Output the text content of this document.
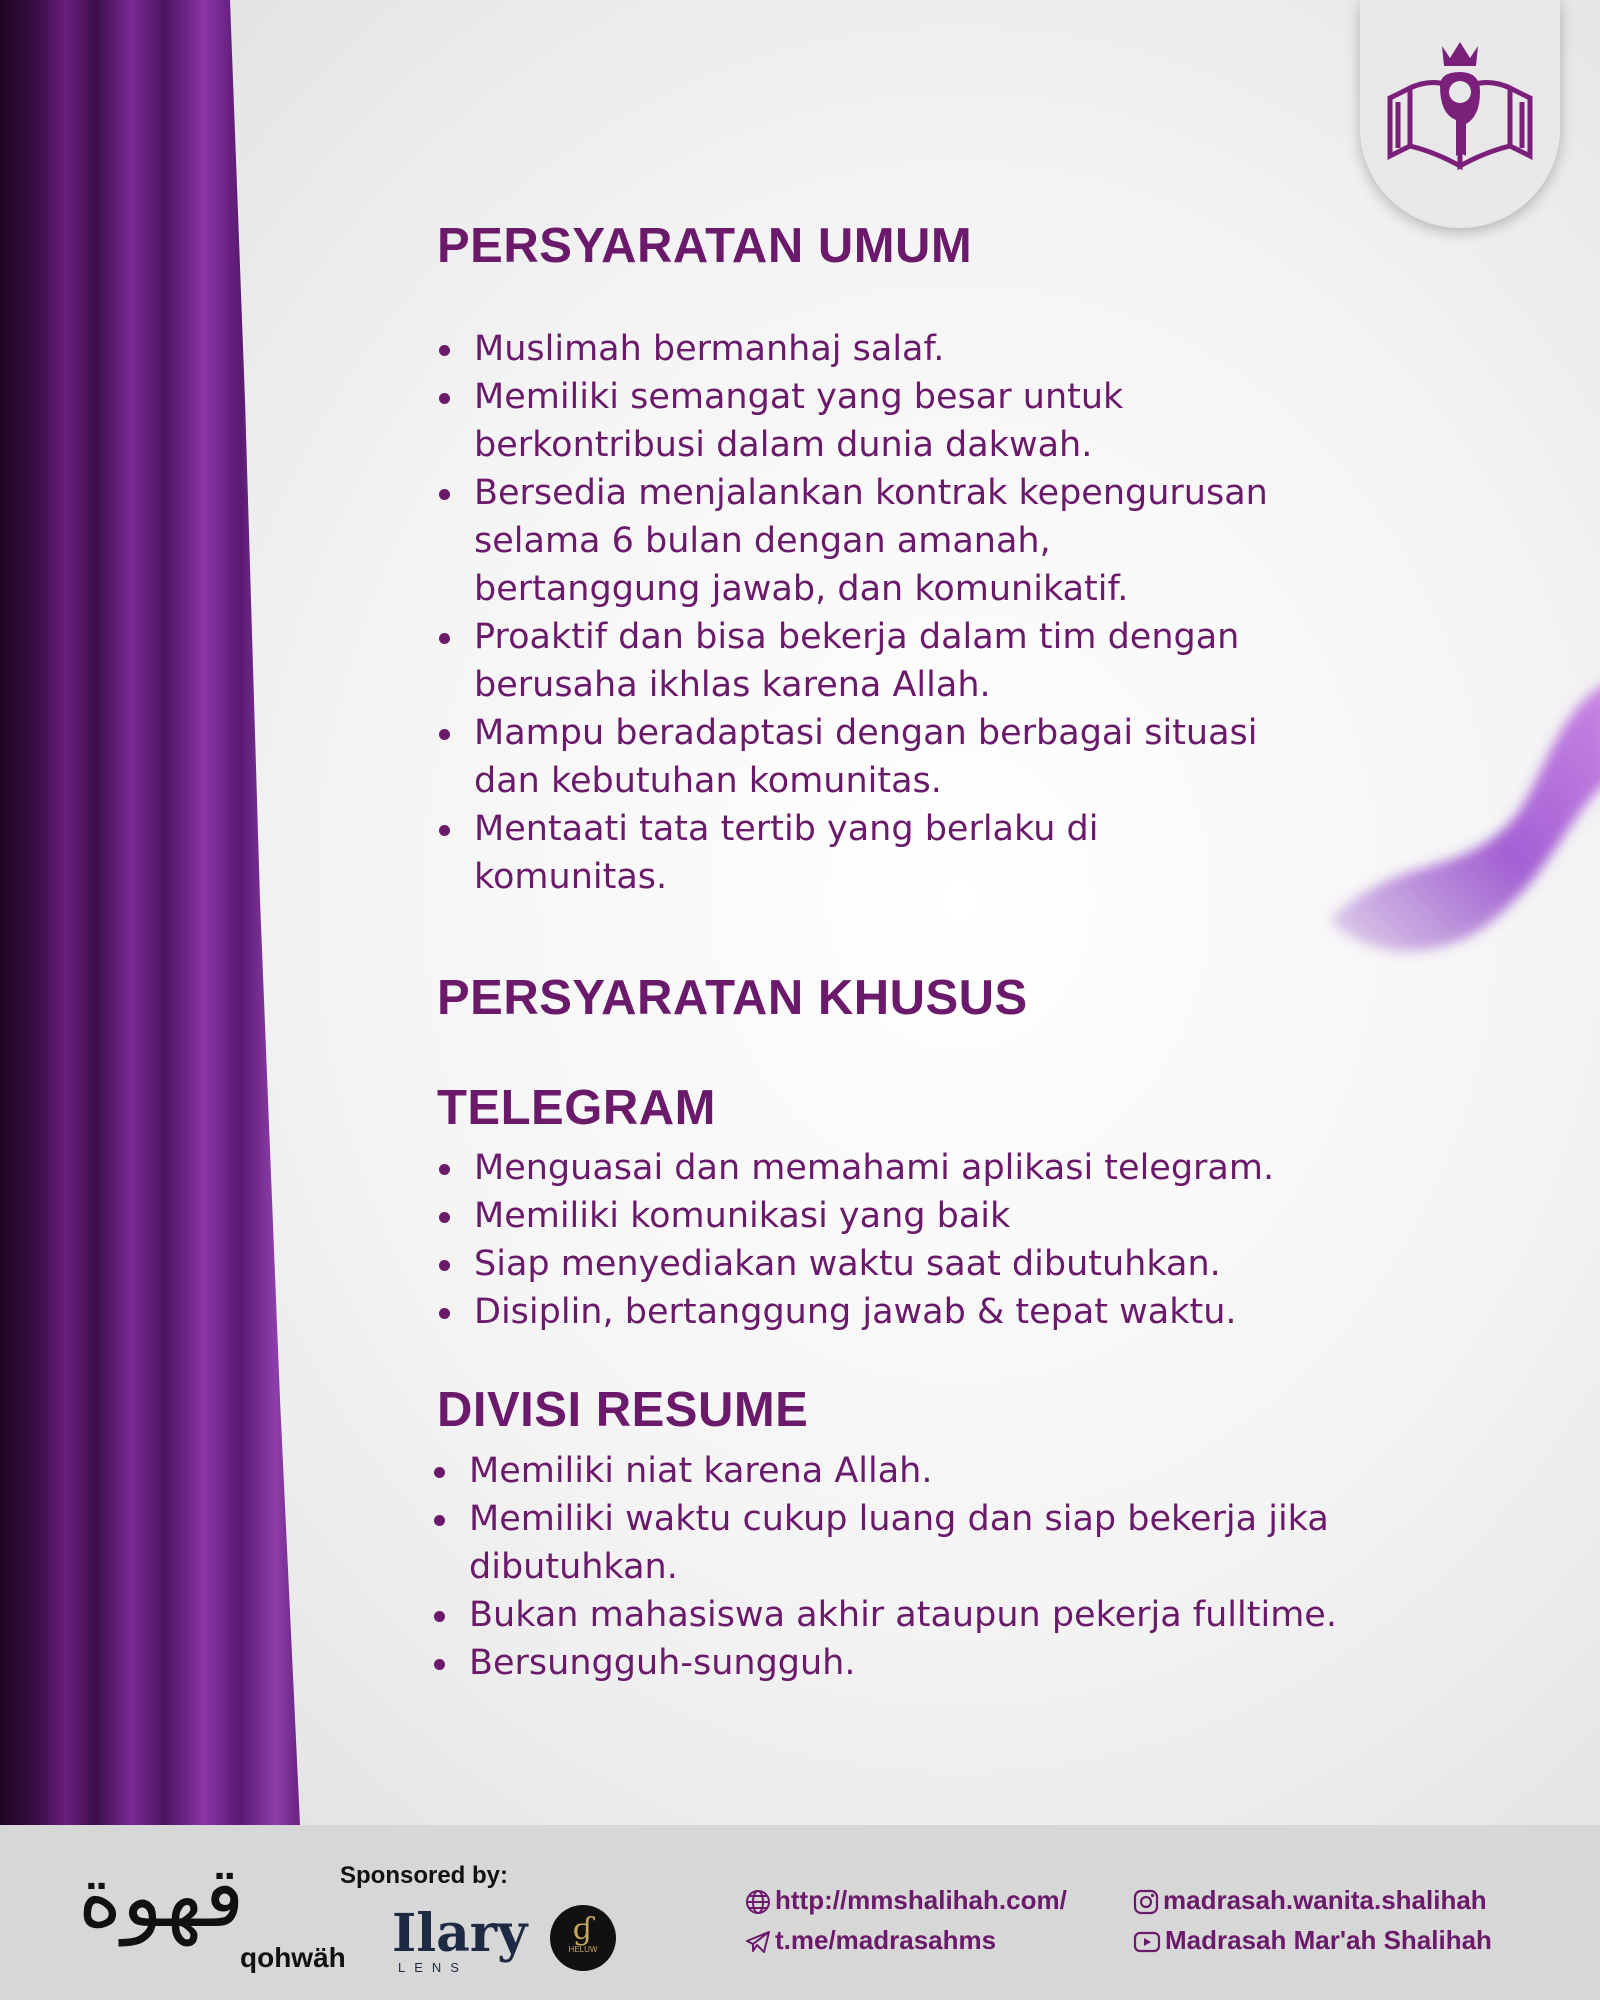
PERSYARATAN UMUM
Muslimah bermanhaj salaf.
Memiliki semangat yang besar untuk berkontribusi dalam dunia dakwah.
Bersedia menjalankan kontrak kepengurusan selama 6 bulan dengan amanah, bertanggung jawab, dan komunikatif.
Proaktif dan bisa bekerja dalam tim dengan berusaha ikhlas karena Allah.
Mampu beradaptasi dengan berbagai situasi dan kebutuhan komunitas.
Mentaati tata tertib yang berlaku di komunitas.
PERSYARATAN KHUSUS
TELEGRAM
Menguasai dan memahami aplikasi telegram.
Memiliki komunikasi yang baik
Siap menyediakan waktu saat dibutuhkan.
Disiplin, bertanggung jawab & tepat waktu.
DIVISI RESUME
Memiliki niat karena Allah.
Memiliki waktu cukup luang dan siap bekerja jika dibutuhkan.
Bukan mahasiswa akhir ataupun pekerja fulltime.
Bersungguh-sungguh.
قهوة
qohwäh
Sponsored by:
Ilary
LENS
ɠ
HELUW
http://mmshalihah.com/
t.me/madrasahms
madrasah.wanita.shalihah
Madrasah Mar'ah Shalihah
